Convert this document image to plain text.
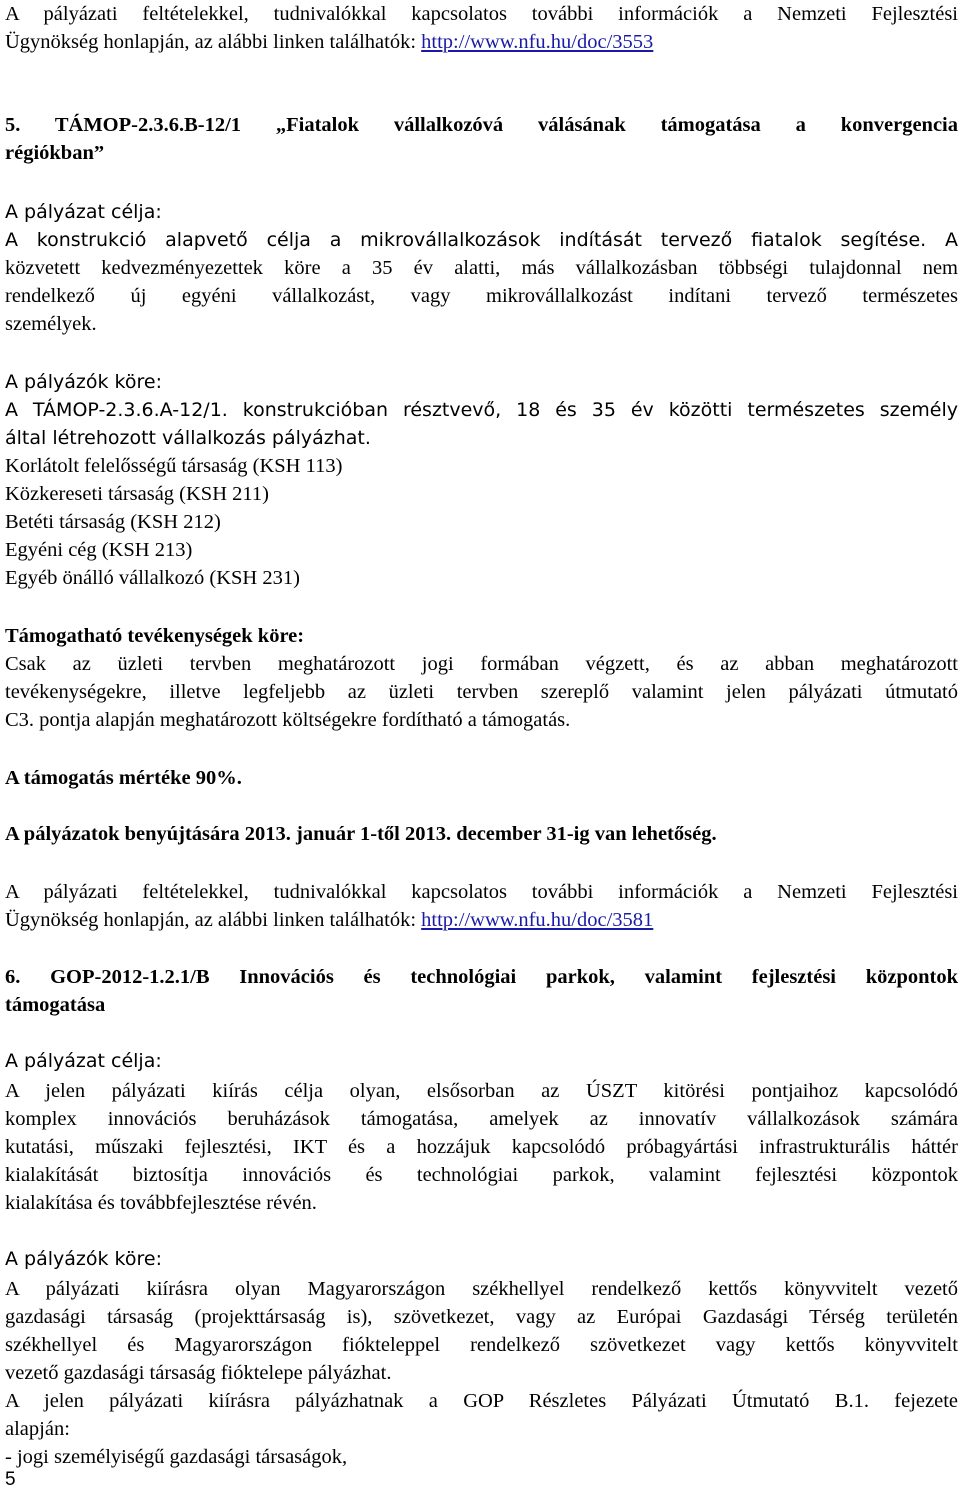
A pályázati feltételekkel, tudnivalókkal kapcsolatos további információk a Nemzeti Fejlesztési
Ügynökség honlapján, az alábbi linken találhatók: http://www.nfu.hu/doc/3553
5. TÁMOP-2.3.6.B-12/1 „Fiatalok vállalkozóvá válásának támogatása a konvergencia
régiókban”
A pályázat célja:
A konstrukció alapvető célja a mikrovállalkozások indítását tervező fiatalok segítése. A
közvetett kedvezményezettek köre a 35 év alatti, más vállalkozásban többségi tulajdonnal nem
rendelkező új egyéni vállalkozást, vagy mikrovállalkozást indítani tervező természetes
személyek.
A pályázók köre:
A TÁMOP-2.3.6.A-12/1. konstrukcióban résztvevő, 18 és 35 év közötti természetes személy
által létrehozott vállalkozás pályázhat.
Korlátolt felelősségű társaság (KSH 113)
Közkereseti társaság (KSH 211)
Betéti társaság (KSH 212)
Egyéni cég (KSH 213)
Egyéb önálló vállalkozó (KSH 231)
Támogatható tevékenységek köre:
Csak az üzleti tervben meghatározott jogi formában végzett, és az abban meghatározott
tevékenységekre, illetve legfeljebb az üzleti tervben szereplő valamint jelen pályázati útmutató
C3. pontja alapján meghatározott költségekre fordítható a támogatás.
A támogatás mértéke 90%.
A pályázatok benyújtására 2013. január 1-től 2013. december 31-ig van lehetőség.
A pályázati feltételekkel, tudnivalókkal kapcsolatos további információk a Nemzeti Fejlesztési
Ügynökség honlapján, az alábbi linken találhatók: http://www.nfu.hu/doc/3581
6. GOP-2012-1.2.1/B Innovációs és technológiai parkok, valamint fejlesztési központok
támogatása
A pályázat célja:
A jelen pályázati kiírás célja olyan, elsősorban az ÚSZT kitörési pontjaihoz kapcsolódó
komplex innovációs beruházások támogatása, amelyek az innovatív vállalkozások számára
kutatási, műszaki fejlesztési, IKT és a hozzájuk kapcsolódó próbagyártási infrastrukturális háttér
kialakítását biztosítja innovációs és technológiai parkok, valamint fejlesztési központok
kialakítása és továbbfejlesztése révén.
A pályázók köre:
A pályázati kiírásra olyan Magyarországon székhellyel rendelkező kettős könyvvitelt vezető
gazdasági társaság (projekttársaság is), szövetkezet, vagy az Európai Gazdasági Térség területén
székhellyel és Magyarországon fiókteleppel rendelkező szövetkezet vagy kettős könyvvitelt
vezető gazdasági társaság fióktelepe pályázhat.
A jelen pályázati kiírásra pályázhatnak a GOP Részletes Pályázati Útmutató B.1. fejezete
alapján:
- jogi személyiségű gazdasági társaságok,
5
